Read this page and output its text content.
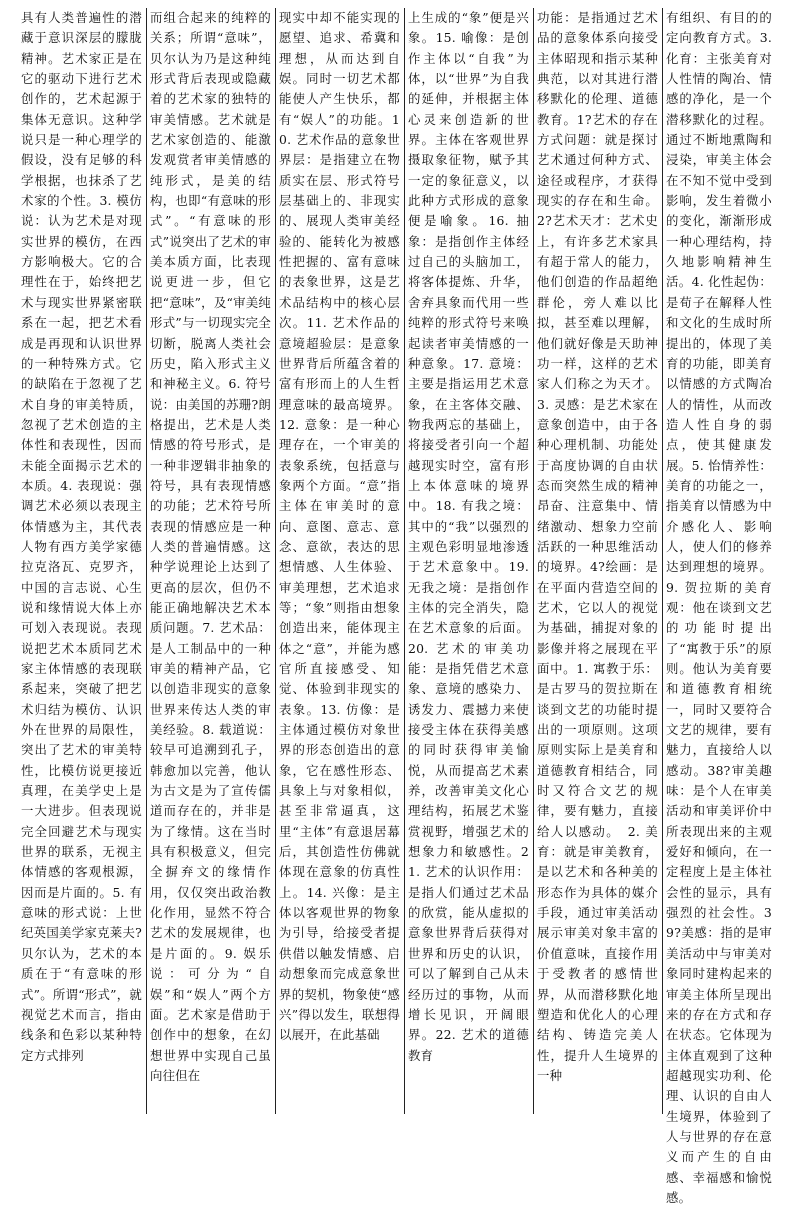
具有人类普遍性的潜藏于意识深层的朦胧精神。艺术家正是在它的驱动下进行艺术创作的，艺术起源于集体无意识。这种学说只是一种心理学的假设，没有足够的科学根据，也抹杀了艺术家的个性。3. 模仿说：认为艺术是对现实世界的模仿，在西方影响极大。它的合理性在于，始终把艺术与现实世界紧密联系在一起，把艺术看成是再现和认识世界的一种特殊方式。它的缺陷在于忽视了艺术自身的审美特质，忽视了艺术创造的主体性和表现性，因而未能全面揭示艺术的本质。4. 表现说：强调艺术必须以表现主体情感为主，其代表人物有西方美学家德拉克洛瓦、克罗齐，中国的言志说、心生说和缘情说大体上亦可划入表现说。表现说把艺术本质同艺术家主体情感的表现联系起来，突破了把艺术归结为模仿、认识外在世界的局限性，突出了艺术的审美特性，比模仿说更接近真理，在美学史上是一大进步。但表现说完全回避艺术与现实世界的联系，无视主体情感的客观根源，因而是片面的。5. 有意味的形式说：上世纪英国美学家克莱夫?贝尔认为，艺术的本质在于“有意味的形式”。所谓“形式”，就视觉艺术而言，指由线条和色彩以某种特定方式排列
而组合起来的纯粹的关系；所谓“意味”，贝尔认为乃是这种纯形式背后表现或隐藏着的艺术家的独特的审美情感。艺术就是艺术家创造的、能激发观赏者审美情感的纯形式，是美的结构，也即“有意味的形式”。“有意味的形式”说突出了艺术的审美本质方面，比表现说更进一步，但它把“意味”，及“审美纯形式”与一切现实完全切断，脱离人类社会历史，陷入形式主义和神秘主义。6. 符号说：由美国的苏珊?朗格提出，艺术是人类情感的符号形式，是一种非逻辑非抽象的符号，具有表现情感的功能；艺术符号所表现的情感应是一种人类的普遍情感。这种学说理论上达到了更高的层次，但仍不能正确地解决艺术本质问题。7. 艺术品：是人工制品中的一种审美的精神产品，它以创造非现实的意象世界来传达人类的审美经验。8. 载道说：较早可追溯到孔子，韩愈加以完善，他认为古文是为了宣传儒道而存在的，并非是为了缘情。这在当时具有积极意义，但完全摒弃文的缘情作用，仅仅突出政治教化作用，显然不符合艺术的发展规律，也是片面的。9. 娱乐说：可分为“自娱”和“娱人”两个方面。艺术家是借助于创作中的想象，在幻想世界中实现自己虽向往但在
现实中却不能实现的愿望、追求、希冀和理想，从而达到自娱。同时一切艺术都能使人产生快乐，都有“娱人”的功能。10. 艺术作品的意象世界层：是指建立在物质实在层、形式符号层基础上的、非现实的、展现人类审美经验的、能转化为被感性把握的、富有意味的表象世界，这是艺术品结构中的核心层次。11. 艺术作品的意境超验层：是意象世界背后所蕴含着的富有形而上的人生哲理意味的最高境界。12. 意象：是一种心理存在，一个审美的表象系统，包括意与象两个方面。“意”指主体在审美时的意向、意图、意志、意念、意欲，表达的思想情感、人生体验、审美理想，艺术追求等；“象”则指由想象创造出来，能体现主体之“意”，并能为感官所直接感受、知觉、体验到非现实的表象。13. 仿像：是主体通过模仿对象世界的形态创造出的意象，它在感性形态、具象上与对象相似，甚至非常逼真，这里“主体”有意退居幕后，其创造性仿佛就体现在意象的仿真性上。14. 兴像：是主体以客观世界的物象为引导，给接受者提供借以触发情感、启动想象而完成意象世界的契机，物象使“感兴”得以发生，联想得以展开，在此基础
上生成的“象”便是兴象。15. 喻像：是创作主体以“自我”为体，以“世界”为自我的延伸，并根据主体心灵来创造新的世界。主体在客观世界摄取象征物，赋予其一定的象征意义，以此种方式形成的意象便是喻象。16. 抽象：是指创作主体经过自己的头脑加工，将客体提炼、升华，舍弃具象而代用一些纯粹的形式符号来唤起读者审美情感的一种意象。17. 意境：主要是指运用艺术意象，在主客体交融、物我两忘的基础上，将接受者引向一个超越现实时空，富有形上本体意味的境界中。18. 有我之境：其中的“我”以强烈的主观色彩明显地渗透于艺术意象中。19. 无我之境：是指创作主体的完全消失，隐在艺术意象的后面。20. 艺术的审美功能：是指凭借艺术意象、意境的感染力、诱发力、震撼力来使接受主体在获得美感的同时获得审美愉悦，从而提高艺术素养，改善审美文化心理结构，拓展艺术鉴赏视野，增强艺术的想象力和敏感性。21. 艺术的认识作用：是指人们通过艺术品的欣赏，能从虚拟的意象世界背后获得对世界和历史的认识，可以了解到自己从未经历过的事物，从而增长见识，开阔眼界。22. 艺术的道德教育
功能：是指通过艺术品的意象体系向接受主体昭现和指示某种典范，以对其进行潜移默化的伦理、道德教育。1?艺术的存在方式问题：就是探讨艺术通过何种方式、途径或程序，才获得现实的存在和生命。2?艺术天才：艺术史上，有许多艺术家具有超于常人的能力，他们创造的作品超绝群伦，旁人难以比拟，甚至难以理解，他们就好像是天助神功一样，这样的艺术家人们称之为天才。3. 灵感：是艺术家在意象创造中，由于各种心理机制、功能处于高度协调的自由状态而突然生成的精神昂奋、注意集中、情绪激动、想象力空前活跃的一种思维活动的境界。4?绘画：是在平面内营造空间的艺术，它以人的视觉为基础，捕捉对象的影像并将之展现在平面中。1. 寓教于乐：是古罗马的贺拉斯在谈到文艺的功能时提出的一项原则。这项原则实际上是美育和道德教育相结合，同时又符合文艺的规律，要有魅力，直接给人以感动。　2. 美育：就是审美教育，是以艺术和各种美的形态作为具体的媒介手段，通过审美活动展示审美对象丰富的价值意味，直接作用于受教者的感情世界，从而潜移默化地塑造和优化人的心理结构、铸造完美人性，提升人生境界的一种
有组织、有目的的定向教育方式。3. 化育：主张美育对人性情的陶冶、情感的净化，是一个潜移默化的过程。通过不断地熏陶和浸染，审美主体会在不知不觉中受到影响，发生着微小的变化，渐渐形成一种心理结构，持久地影响精神生活。4. 化性起伪：是荀子在解释人性和文化的生成时所提出的，体现了美育的功能，即美育以情感的方式陶冶人的情性，从而改造人性自身的弱点，使其健康发展。5. 怡情养性：美育的功能之一，指美育以情感为中介感化人、影响人，使人们的修养达到理想的境界。9. 贺拉斯的美育观：他在谈到文艺的功能时提出了“寓教于乐”的原则。他认为美育要和道德教育相统一，同时又要符合文艺的规律，要有魅力，直接给人以感动。38?审美趣味：是个人在审美活动和审美评价中所表现出来的主观爱好和倾向，在一定程度上是主体社会性的显示，具有强烈的社会性。39?美感：指的是审美活动中与审美对象同时建构起来的审美主体所呈现出来的存在方式和存在状态。它体现为主体直观到了这种超越现实功利、伦理、认识的自由人生境界，体验到了人与世界的存在意义而产生的自由感、幸福感和愉悦感。
